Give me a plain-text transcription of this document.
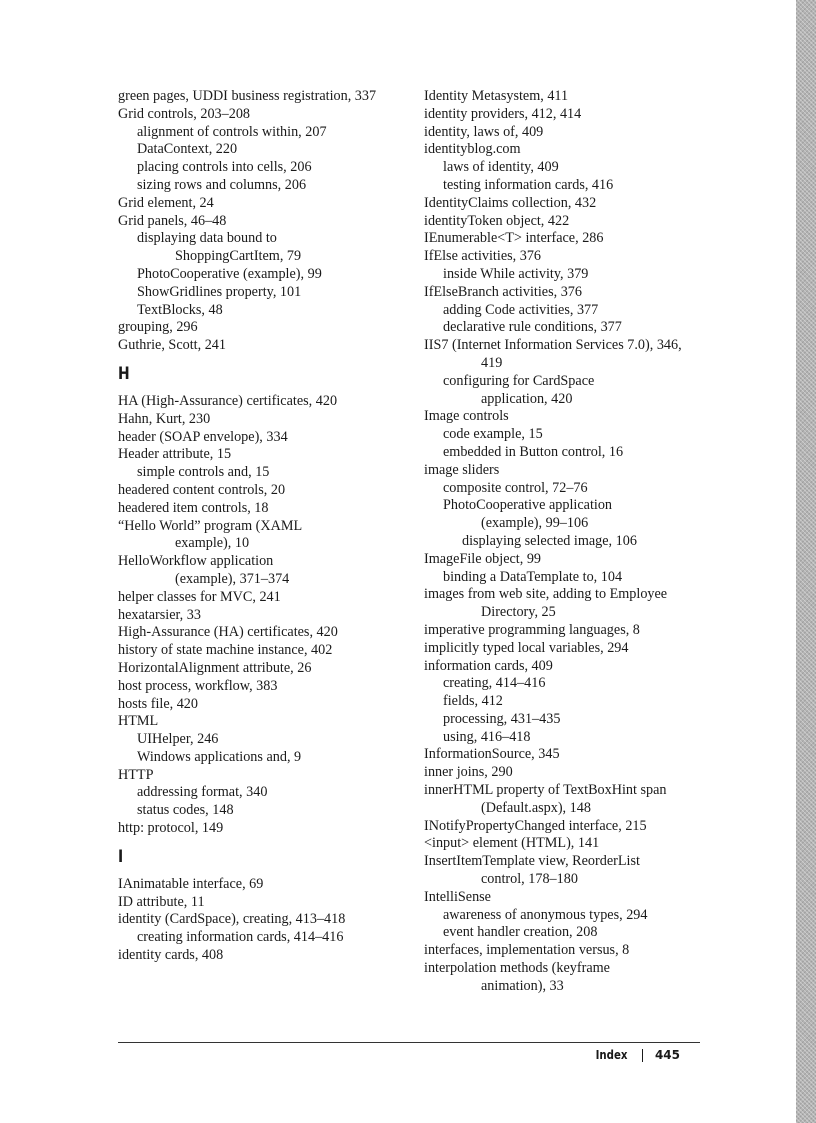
green pages, UDDI business registration, 337
Grid controls, 203–208
alignment of controls within, 207
DataContext, 220
placing controls into cells, 206
sizing rows and columns, 206
Grid element, 24
Grid panels, 46–48
displaying data bound to
ShoppingCartItem, 79
PhotoCooperative (example), 99
ShowGridlines property, 101
TextBlocks, 48
grouping, 296
Guthrie, Scott, 241
H
HA (High-Assurance) certificates, 420
Hahn, Kurt, 230
header (SOAP envelope), 334
Header attribute, 15
simple controls and, 15
headered content controls, 20
headered item controls, 18
“Hello World” program (XAML
example), 10
HelloWorkflow application
(example), 371–374
helper classes for MVC, 241
hexatarsier, 33
High-Assurance (HA) certificates, 420
history of state machine instance, 402
HorizontalAlignment attribute, 26
host process, workflow, 383
hosts file, 420
HTML
UIHelper, 246
Windows applications and, 9
HTTP
addressing format, 340
status codes, 148
http: protocol, 149
I
IAnimatable interface, 69
ID attribute, 11
identity (CardSpace), creating, 413–418
creating information cards, 414–416
identity cards, 408
Identity Metasystem, 411
identity providers, 412, 414
identity, laws of, 409
identityblog.com
laws of identity, 409
testing information cards, 416
IdentityClaims collection, 432
identityToken object, 422
IEnumerable<T> interface, 286
IfElse activities, 376
inside While activity, 379
IfElseBranch activities, 376
adding Code activities, 377
declarative rule conditions, 377
IIS7 (Internet Information Services 7.0), 346,
419
configuring for CardSpace
application, 420
Image controls
code example, 15
embedded in Button control, 16
image sliders
composite control, 72–76
PhotoCooperative application
(example), 99–106
displaying selected image, 106
ImageFile object, 99
binding a DataTemplate to, 104
images from web site, adding to Employee
Directory, 25
imperative programming languages, 8
implicitly typed local variables, 294
information cards, 409
creating, 414–416
fields, 412
processing, 431–435
using, 416–418
InformationSource, 345
inner joins, 290
innerHTML property of TextBoxHint span
(Default.aspx), 148
INotifyPropertyChanged interface, 215
<input> element (HTML), 141
InsertItemTemplate view, ReorderList
control, 178–180
IntelliSense
awareness of anonymous types, 294
event handler creation, 208
interfaces, implementation versus, 8
interpolation methods (keyframe
animation), 33
Index 445
